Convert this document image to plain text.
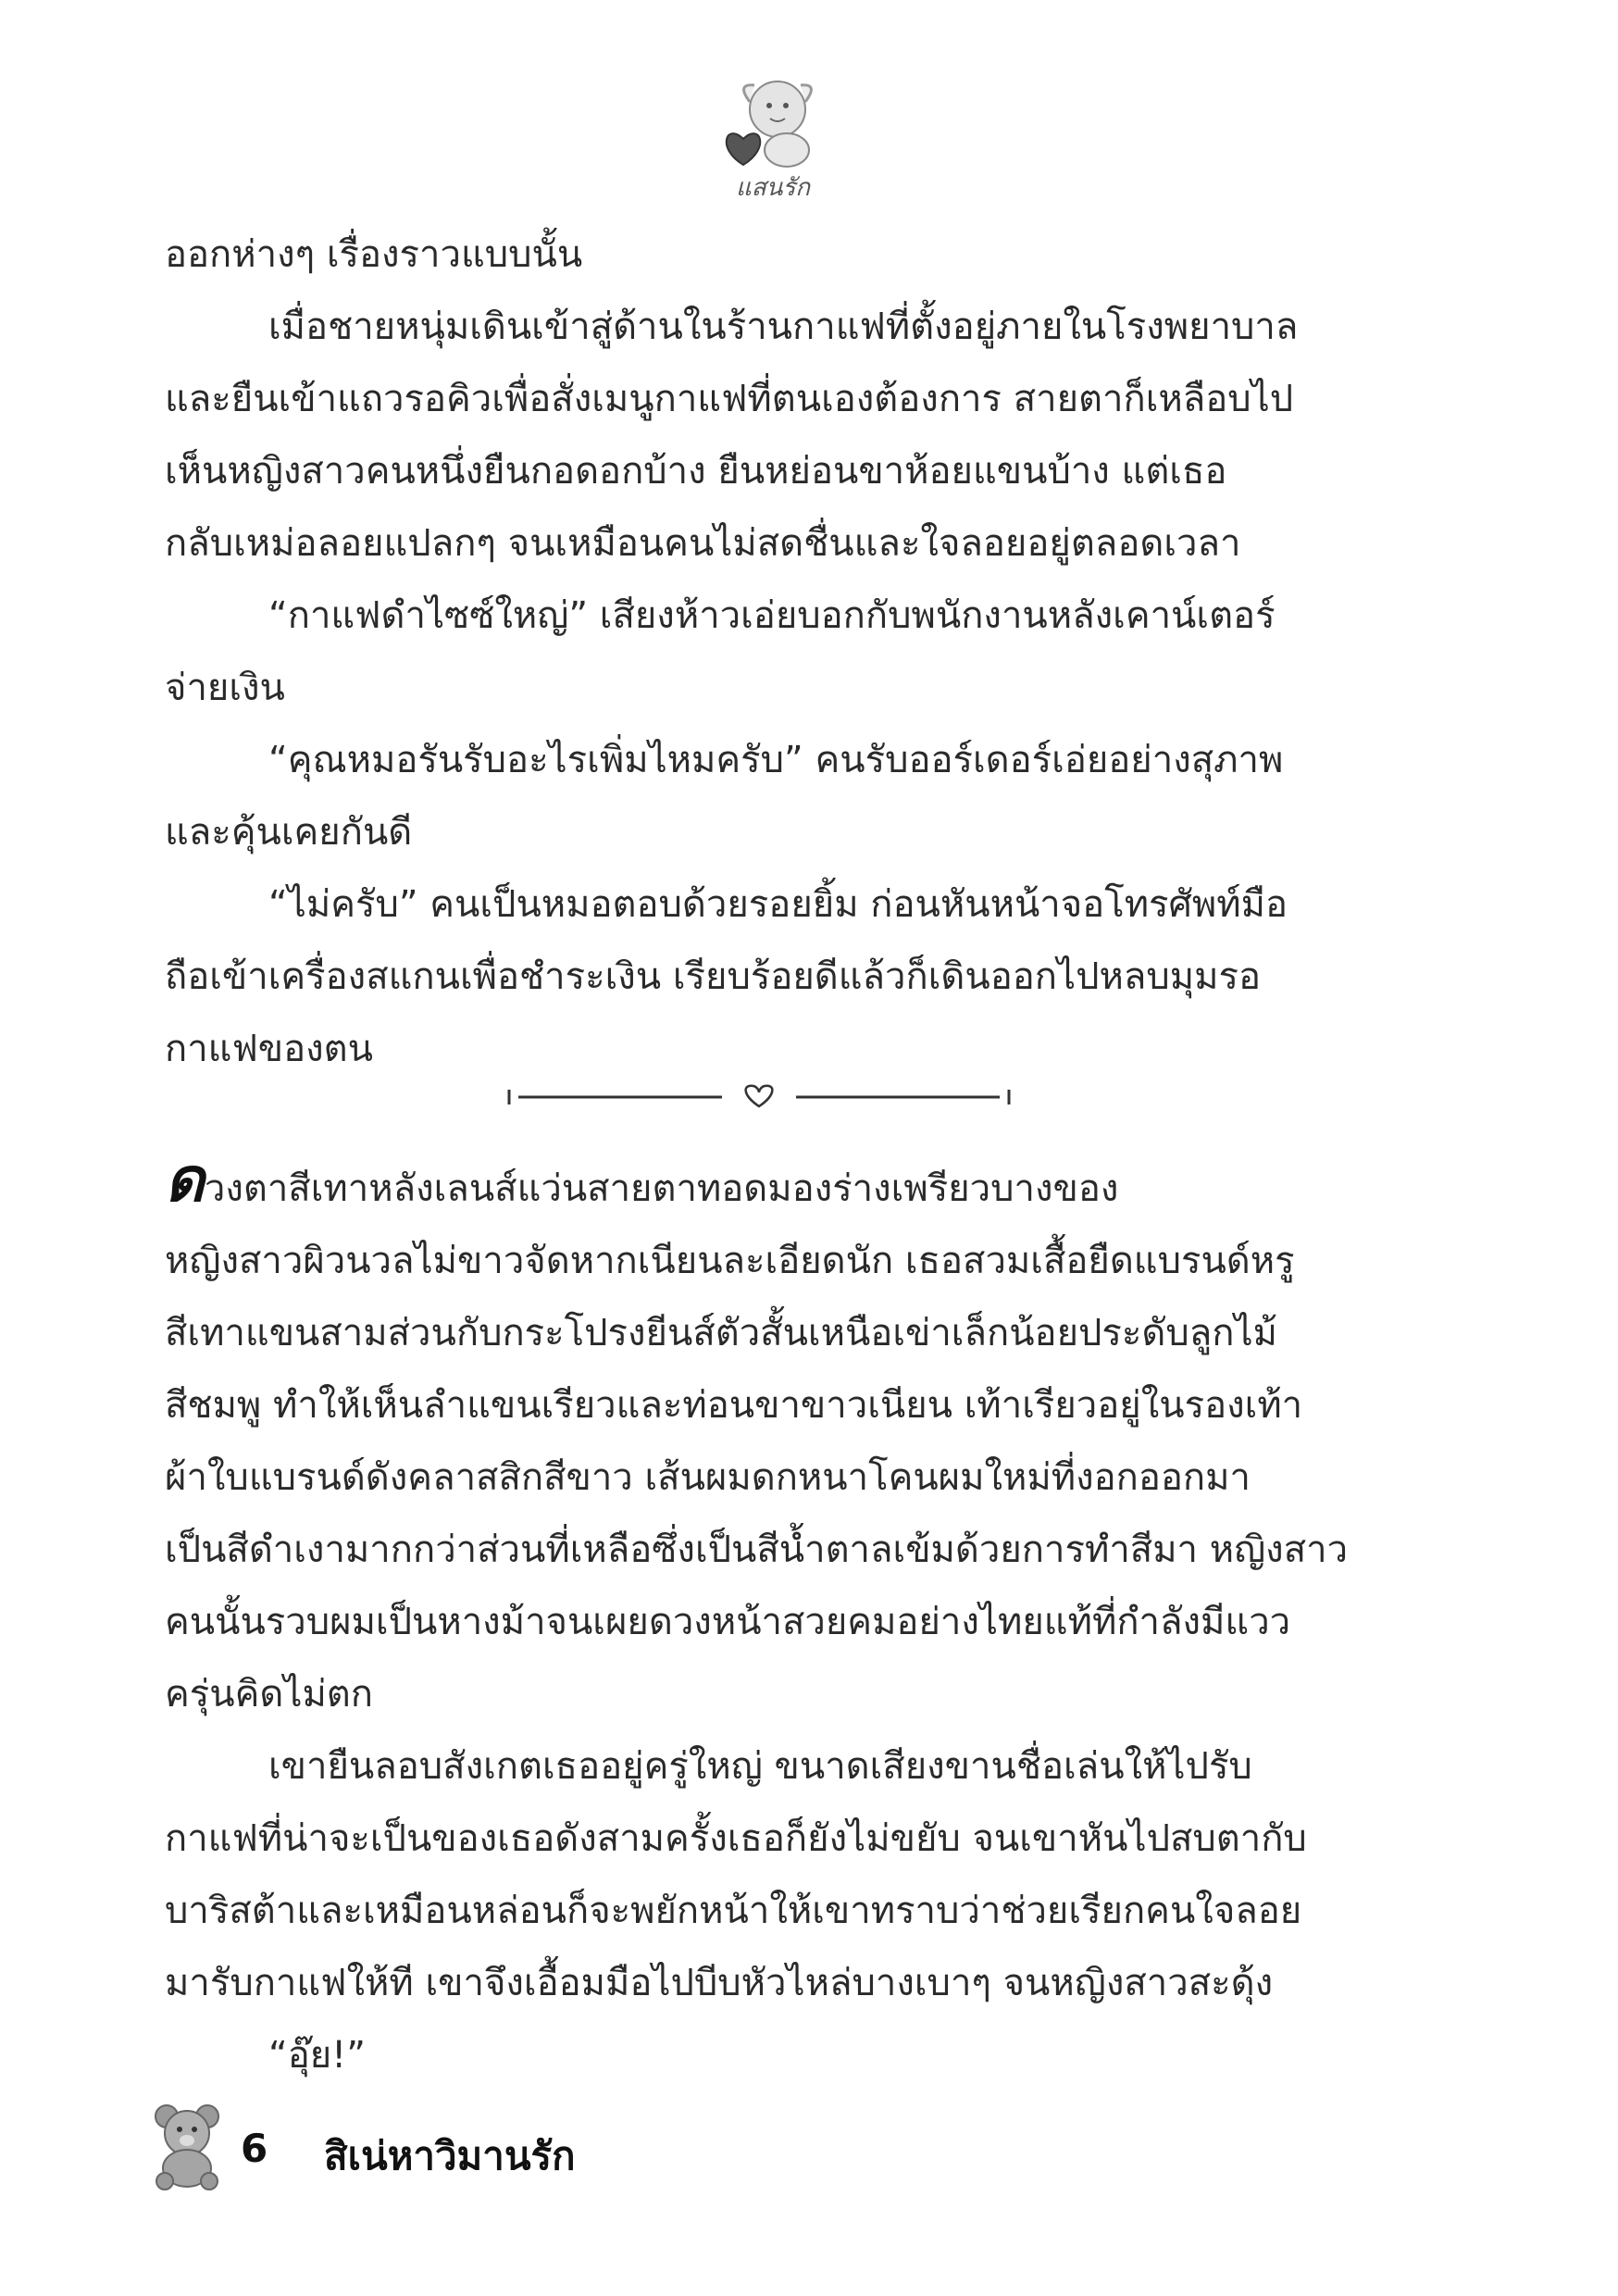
แสนรัก
ออกห่างๆ เรื่องราวแบบนั้น
เมื่อชายหนุ่มเดินเข้าสู่ด้านในร้านกาแฟที่ตั้งอยู่ภายในโรงพยาบาล
และยืนเข้าแถวรอคิวเพื่อสั่งเมนูกาแฟที่ตนเองต้องการ สายตาก็เหลือบไป
เห็นหญิงสาวคนหนึ่งยืนกอดอกบ้าง ยืนหย่อนขาห้อยแขนบ้าง แต่เธอ
กลับเหม่อลอยแปลกๆ จนเหมือนคนไม่สดชื่นและใจลอยอยู่ตลอดเวลา
“กาแฟดำไซซ์ใหญ่” เสียงห้าวเอ่ยบอกกับพนักงานหลังเคาน์เตอร์
จ่ายเงิน
“คุณหมอรันรับอะไรเพิ่มไหมครับ” คนรับออร์เดอร์เอ่ยอย่างสุภาพ
และคุ้นเคยกันดี
“ไม่ครับ” คนเป็นหมอตอบด้วยรอยยิ้ม ก่อนหันหน้าจอโทรศัพท์มือ
ถือเข้าเครื่องสแกนเพื่อชำระเงิน เรียบร้อยดีแล้วก็เดินออกไปหลบมุมรอ
กาแฟของตน
ดวงตาสีเทาหลังเลนส์แว่นสายตาทอดมองร่างเพรียวบางของ
หญิงสาวผิวนวลไม่ขาวจัดหากเนียนละเอียดนัก เธอสวมเสื้อยืดแบรนด์หรู
สีเทาแขนสามส่วนกับกระโปรงยีนส์ตัวสั้นเหนือเข่าเล็กน้อยประดับลูกไม้
สีชมพู ทำให้เห็นลำแขนเรียวและท่อนขาขาวเนียน เท้าเรียวอยู่ในรองเท้า
ผ้าใบแบรนด์ดังคลาสสิกสีขาว เส้นผมดกหนาโคนผมใหม่ที่งอกออกมา
เป็นสีดำเงามากกว่าส่วนที่เหลือซึ่งเป็นสีน้ำตาลเข้มด้วยการทำสีมา หญิงสาว
คนนั้นรวบผมเป็นหางม้าจนเผยดวงหน้าสวยคมอย่างไทยแท้ที่กำลังมีแวว
ครุ่นคิดไม่ตก
เขายืนลอบสังเกตเธออยู่ครู่ใหญ่ ขนาดเสียงขานชื่อเล่นให้ไปรับ
กาแฟที่น่าจะเป็นของเธอดังสามครั้งเธอก็ยังไม่ขยับ จนเขาหันไปสบตากับ
บาริสต้าและเหมือนหล่อนก็จะพยักหน้าให้เขาทราบว่าช่วยเรียกคนใจลอย
มารับกาแฟให้ที เขาจึงเอื้อมมือไปบีบหัวไหล่บางเบาๆ จนหญิงสาวสะดุ้ง
“อุ๊ย!”
6 สิเน่หาวิมานรัก
